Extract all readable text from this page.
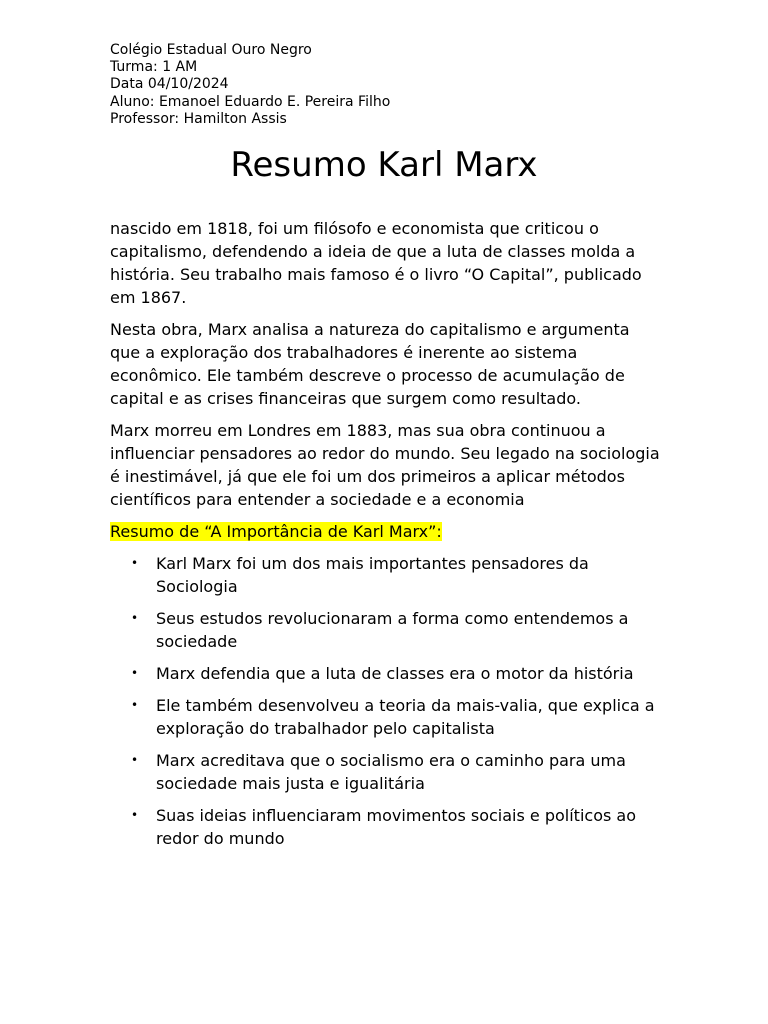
Colégio Estadual Ouro Negro
Turma: 1 AM
Data 04/10/2024
Aluno: Emanoel Eduardo E. Pereira Filho
Professor: Hamilton Assis
Resumo Karl Marx

nascido em 1818, foi um filósofo e economista que criticou o capitalismo, defendendo a ideia de que a luta de classes molda a história. Seu trabalho mais famoso é o livro “O Capital”, publicado em 1867.

Nesta obra, Marx analisa a natureza do capitalismo e argumenta que a exploração dos trabalhadores é inerente ao sistema econômico. Ele também descreve o processo de acumulação de capital e as crises financeiras que surgem como resultado.

Marx morreu em Londres em 1883, mas sua obra continuou a influenciar pensadores ao redor do mundo. Seu legado na sociologia é inestimável, já que ele foi um dos primeiros a aplicar métodos científicos para entender a sociedade e a economia

Resumo de “A Importância de Karl Marx”:
• Karl Marx foi um dos mais importantes pensadores da Sociologia
• Seus estudos revolucionaram a forma como entendemos a sociedade
• Marx defendia que a luta de classes era o motor da história
• Ele também desenvolveu a teoria da mais-valia, que explica a exploração do trabalhador pelo capitalista
• Marx acreditava que o socialismo era o caminho para uma sociedade mais justa e igualitária
• Suas ideias influenciaram movimentos sociais e políticos ao redor do mundo
